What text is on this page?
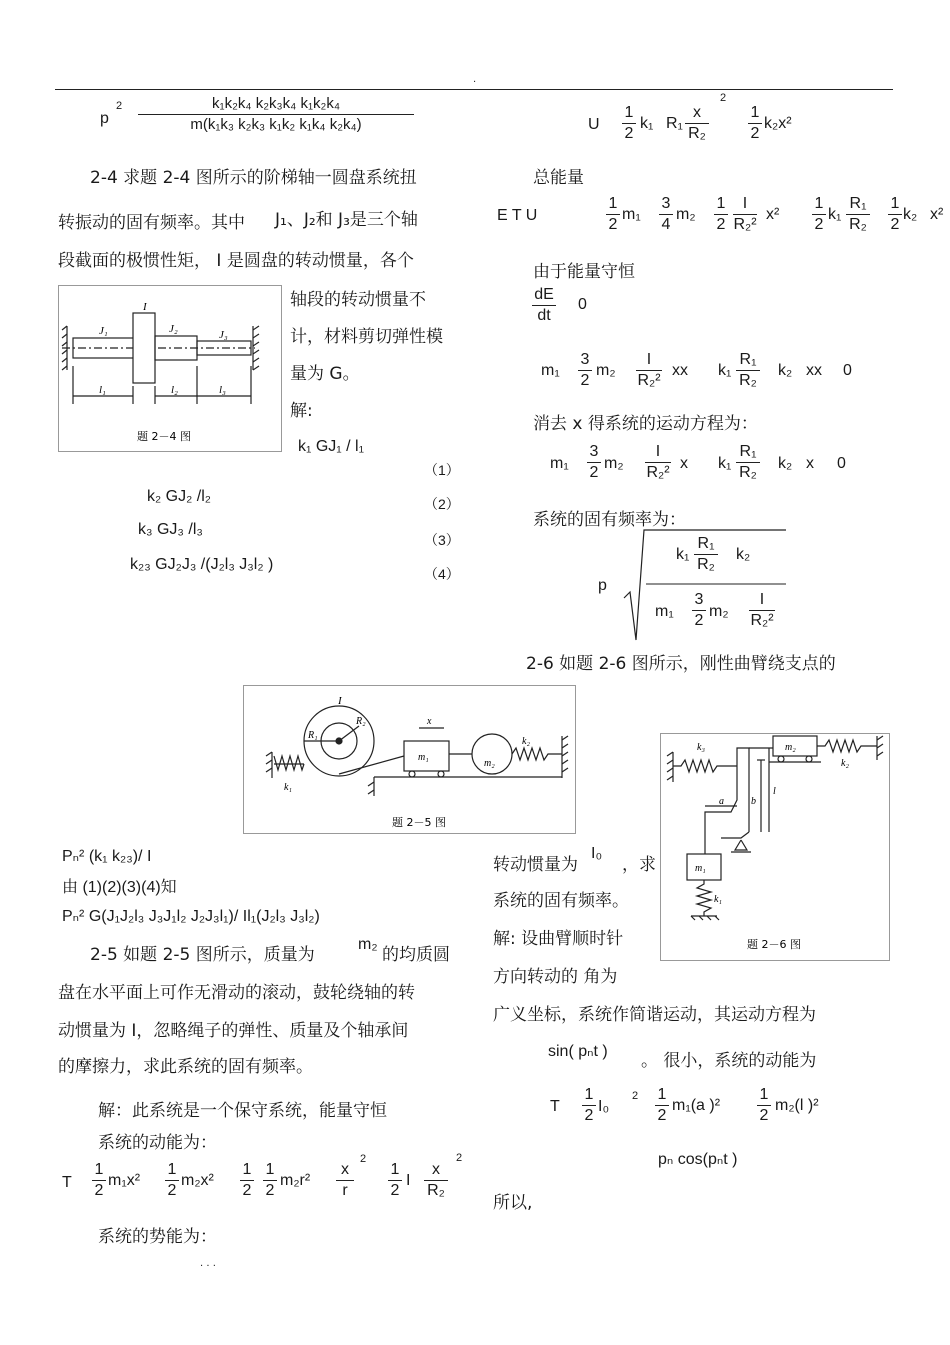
.
p
$2 \frac{\text{k₁k₂k₄ k₂k₃k₄ k₁k₂k₄}}{\text{m(k₁k₃ k₂k₃ k₁k₂ k₁k₄ k₂k₄)}}$
2-4 求题 2-4 图所示的阶梯轴一圆盘系统扭
转振动的固有频率。其中 J₁、J₂和 J₃是三个轴
段截面的极惯性矩， I 是圆盘的转动惯量，各个
I
J₁	J₂	J₃
l₁	l₂	l₃
题 2－4 图
轴段的转动惯量不
计，材料剪切弹性模
量为 G。
解:
k₁ GJ₁ / l₁
（1）
k₂ GJ₂ /l₂	（2）
k₃ GJ₃ /l₃
（3）
k₂₃ GJ₂J₃ /(J₂l₃ J₃l₂ )
（4）
I
R₁
R₂
m₁
m₂
k₁
k₂
x
题 2－5 图
Pₙ² (k₁ k₂₃)/ I
由 (1)(2)(3)(4)知
Pₙ² G(J₁J₂l₃ J₃J₁l₂ J₂J₃l₁)/ Il₁(J₂l₃ J₃l₂)
2-5 如题 2-5 图所示，质量为
m₂
的均质圆
盘在水平面上可作无滑动的滚动，鼓轮绕轴的转
动惯量为 I，忽略绳子的弹性、质量及个轴承间
的摩擦力，求此系统的固有频率。
解：此系统是一个保守系统，能量守恒
系统的动能为：
T $\frac{1}{2} m_1x^2 \frac{1}{2} m_2x^2 \frac{1}{2} \frac{1}{2} m_2r^2 \frac{x}{r}$
2
$\frac{1}{2}$ I $\frac{x}{\text{R₂}}$
2
系统的势能为：
. . .
U $\frac{1}{2} k_1$ $R_1 \frac{x}{\text{R₂}}$
2
$\frac{1}{2} k_2x^2$
总能量
E T U	$\frac{1}{2} m_1 \frac{3}{4} m_2 \frac{1}{2} \frac{I}{\text{R₂²}} x^2 \frac{1}{2} k_1 \frac{\text{R₁}}{\text{R₂}} \frac{1}{2} k_2$ x²
由于能量守恒
$\frac{dE}{dt} 0$
$m_1 \frac{3}{2} m_2 \frac{I}{\text{R₂²}}$ xx $k_1 \frac{\text{R₁}}{\text{R₂}} k_2$ xx 0
消去 x 得系统的运动方程为：
$m_1 \frac{3}{2} m_2 \frac{I}{\text{R₂²}}$ x $k_1 \frac{\text{R₁}}{\text{R₂}} k_2$ x 0
系统的固有频率为：
p
$k_1 \frac{\text{R₁}}{\text{R₂}} k_2$
$m_1 \frac{3}{2} m_2 \frac{I}{\text{R₂²}}$
2-6 如题 2-6 图所示，刚性曲臂绕支点的
a	b
l
k₃
k₂
k₁
m₁
m₂
题 2－6 图
转动惯量为
I₀
，求
系统的固有频率。
解: 设曲臂顺时针
方向转动的 角为
广义坐标，系统作简谐运动，其运动方程为
sin( pₙt ) 。 很小，系统的动能为
T $\frac{1}{2} I_0$
$2 \frac{1}{2} m_1(a$ )$^2 \frac{1}{2} m_2(l$ )²
pₙ cos(pₙt )
所以,
